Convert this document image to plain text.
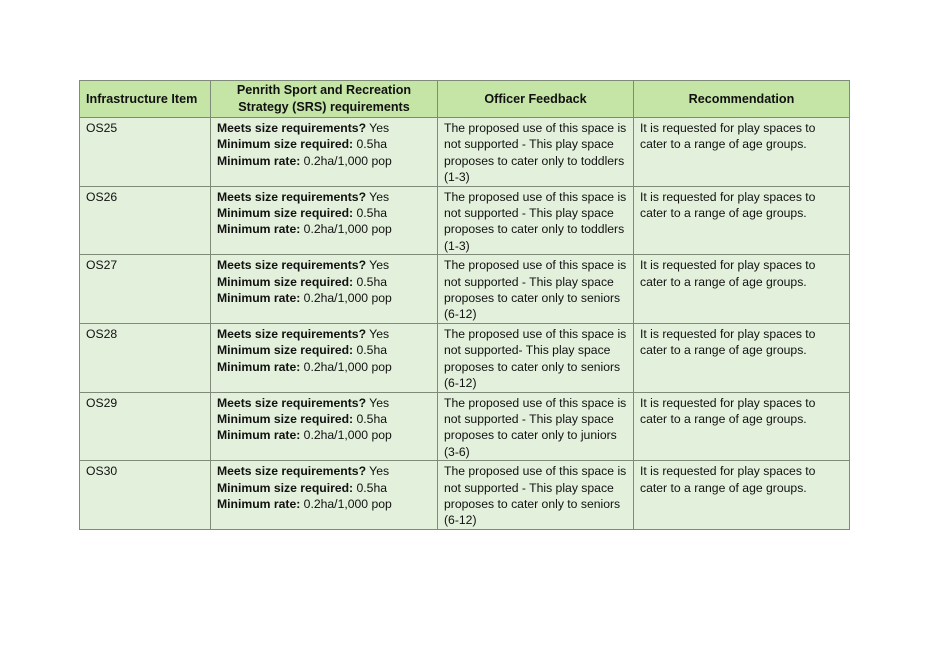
Infrastructure Item	Penrith Sport and Recreation Strategy (SRS) requirements	Officer Feedback	Recommendation
OS25	Meets size requirements? Yes
Minimum size required: 0.5ha
Minimum rate: 0.2ha/1,000 pop	The proposed use of this space is not supported - This play space proposes to cater only to toddlers (1-3)	It is requested for play spaces to cater to a range of age groups.
OS26	Meets size requirements? Yes
Minimum size required: 0.5ha
Minimum rate: 0.2ha/1,000 pop	The proposed use of this space is not supported - This play space proposes to cater only to toddlers (1-3)	It is requested for play spaces to cater to a range of age groups.
OS27	Meets size requirements? Yes
Minimum size required: 0.5ha
Minimum rate: 0.2ha/1,000 pop	The proposed use of this space is not supported - This play space proposes to cater only to seniors (6-12)	It is requested for play spaces to cater to a range of age groups.
OS28	Meets size requirements? Yes
Minimum size required: 0.5ha
Minimum rate: 0.2ha/1,000 pop	The proposed use of this space is not supported- This play space proposes to cater only to seniors (6-12)	It is requested for play spaces to cater to a range of age groups.
OS29	Meets size requirements? Yes
Minimum size required: 0.5ha
Minimum rate: 0.2ha/1,000 pop	The proposed use of this space is not supported - This play space proposes to cater only to juniors (3-6)	It is requested for play spaces to cater to a range of age groups.
OS30	Meets size requirements? Yes
Minimum size required: 0.5ha
Minimum rate: 0.2ha/1,000 pop	The proposed use of this space is not supported - This play space proposes to cater only to seniors (6-12)	It is requested for play spaces to cater to a range of age groups.
